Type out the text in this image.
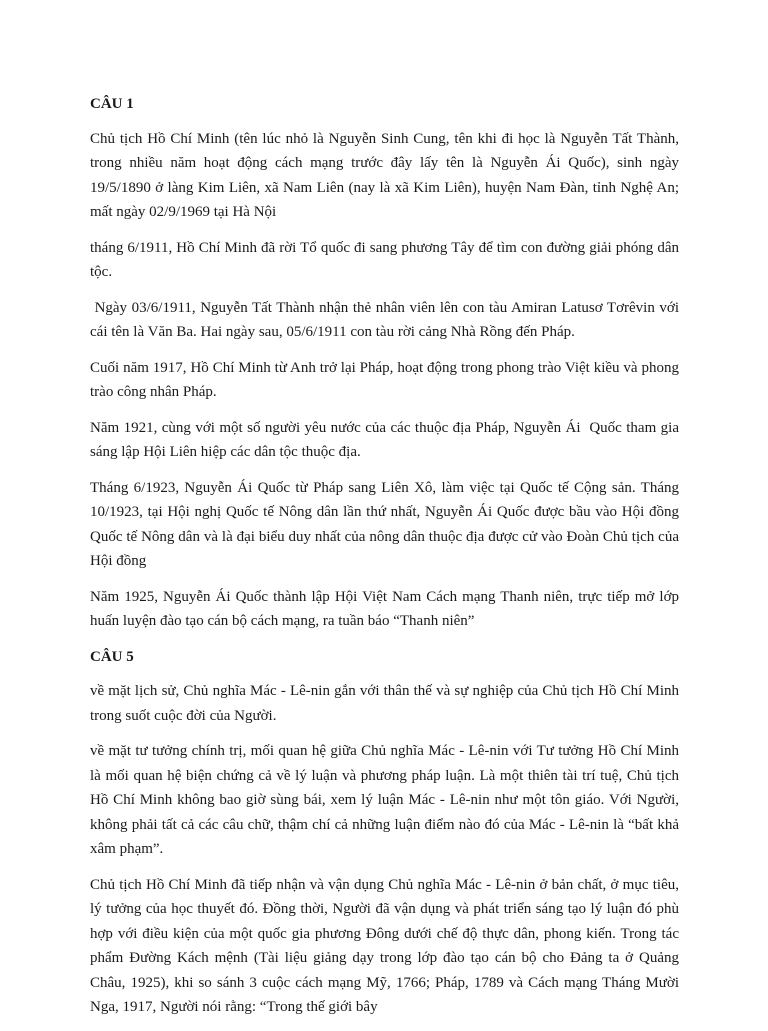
CÂU 1

Chủ tịch Hồ Chí Minh (tên lúc nhỏ là Nguyễn Sinh Cung, tên khi đi học là Nguyễn Tất Thành, trong nhiều năm hoạt động cách mạng trước đây lấy tên là Nguyễn Ái Quốc), sinh ngày 19/5/1890 ở làng Kim Liên, xã Nam Liên (nay là xã Kim Liên), huyện Nam Đàn, tỉnh Nghệ An; mất ngày 02/9/1969 tại Hà Nội

tháng 6/1911, Hồ Chí Minh đã rời Tổ quốc đi sang phương Tây để tìm con đường giải phóng dân tộc.

Ngày 03/6/1911, Nguyễn Tất Thành nhận thẻ nhân viên lên con tàu Amiran Latusơ Tơrêvin với cái tên là Văn Ba. Hai ngày sau, 05/6/1911 con tàu rời cảng Nhà Rồng đến Pháp.

Cuối năm 1917, Hồ Chí Minh từ Anh trở lại Pháp, hoạt động trong phong trào Việt kiều và phong trào công nhân Pháp.

Năm 1921, cùng với một số người yêu nước của các thuộc địa Pháp, Nguyễn Ái  Quốc tham gia sáng lập Hội Liên hiệp các dân tộc thuộc địa.

Tháng 6/1923, Nguyễn Ái Quốc từ Pháp sang Liên Xô, làm việc tại Quốc tế Cộng sản. Tháng 10/1923, tại Hội nghị Quốc tế Nông dân lần thứ nhất, Nguyễn Ái Quốc được bầu vào Hội đồng Quốc tế Nông dân và là đại biểu duy nhất của nông dân thuộc địa được cử vào Đoàn Chủ tịch của Hội đồng

Năm 1925, Nguyễn Ái Quốc thành lập Hội Việt Nam Cách mạng Thanh niên, trực tiếp mở lớp huấn luyện đào tạo cán bộ cách mạng, ra tuần báo “Thanh niên”

CÂU 5

về mặt lịch sử, Chủ nghĩa Mác - Lê-nin gắn với thân thế và sự nghiệp của Chủ tịch Hồ Chí Minh trong suốt cuộc đời của Người.

về mặt tư tưởng chính trị, mối quan hệ giữa Chủ nghĩa Mác - Lê-nin với Tư tưởng Hồ Chí Minh là mối quan hệ biện chứng cả về lý luận và phương pháp luận. Là một thiên tài trí tuệ, Chủ tịch Hồ Chí Minh không bao giờ sùng bái, xem lý luận Mác - Lê-nin như một tôn giáo. Với Người, không phải tất cả các câu chữ, thậm chí cả những luận điểm nào đó của Mác - Lê-nin là “bất khả xâm phạm”.

Chủ tịch Hồ Chí Minh đã tiếp nhận và vận dụng Chủ nghĩa Mác - Lê-nin ở bản chất, ở mục tiêu, lý tưởng của học thuyết đó. Đồng thời, Người đã vận dụng và phát triển sáng tạo lý luận đó phù hợp với điều kiện của một quốc gia phương Đông dưới chế độ thực dân, phong kiến. Trong tác phẩm Đường Kách mệnh (Tài liệu giảng dạy trong lớp đào tạo cán bộ cho Đảng ta ở Quảng Châu, 1925), khi so sánh 3 cuộc cách mạng Mỹ, 1766; Pháp, 1789 và Cách mạng Tháng Mười Nga, 1917, Người nói rằng: “Trong thế giới bây
